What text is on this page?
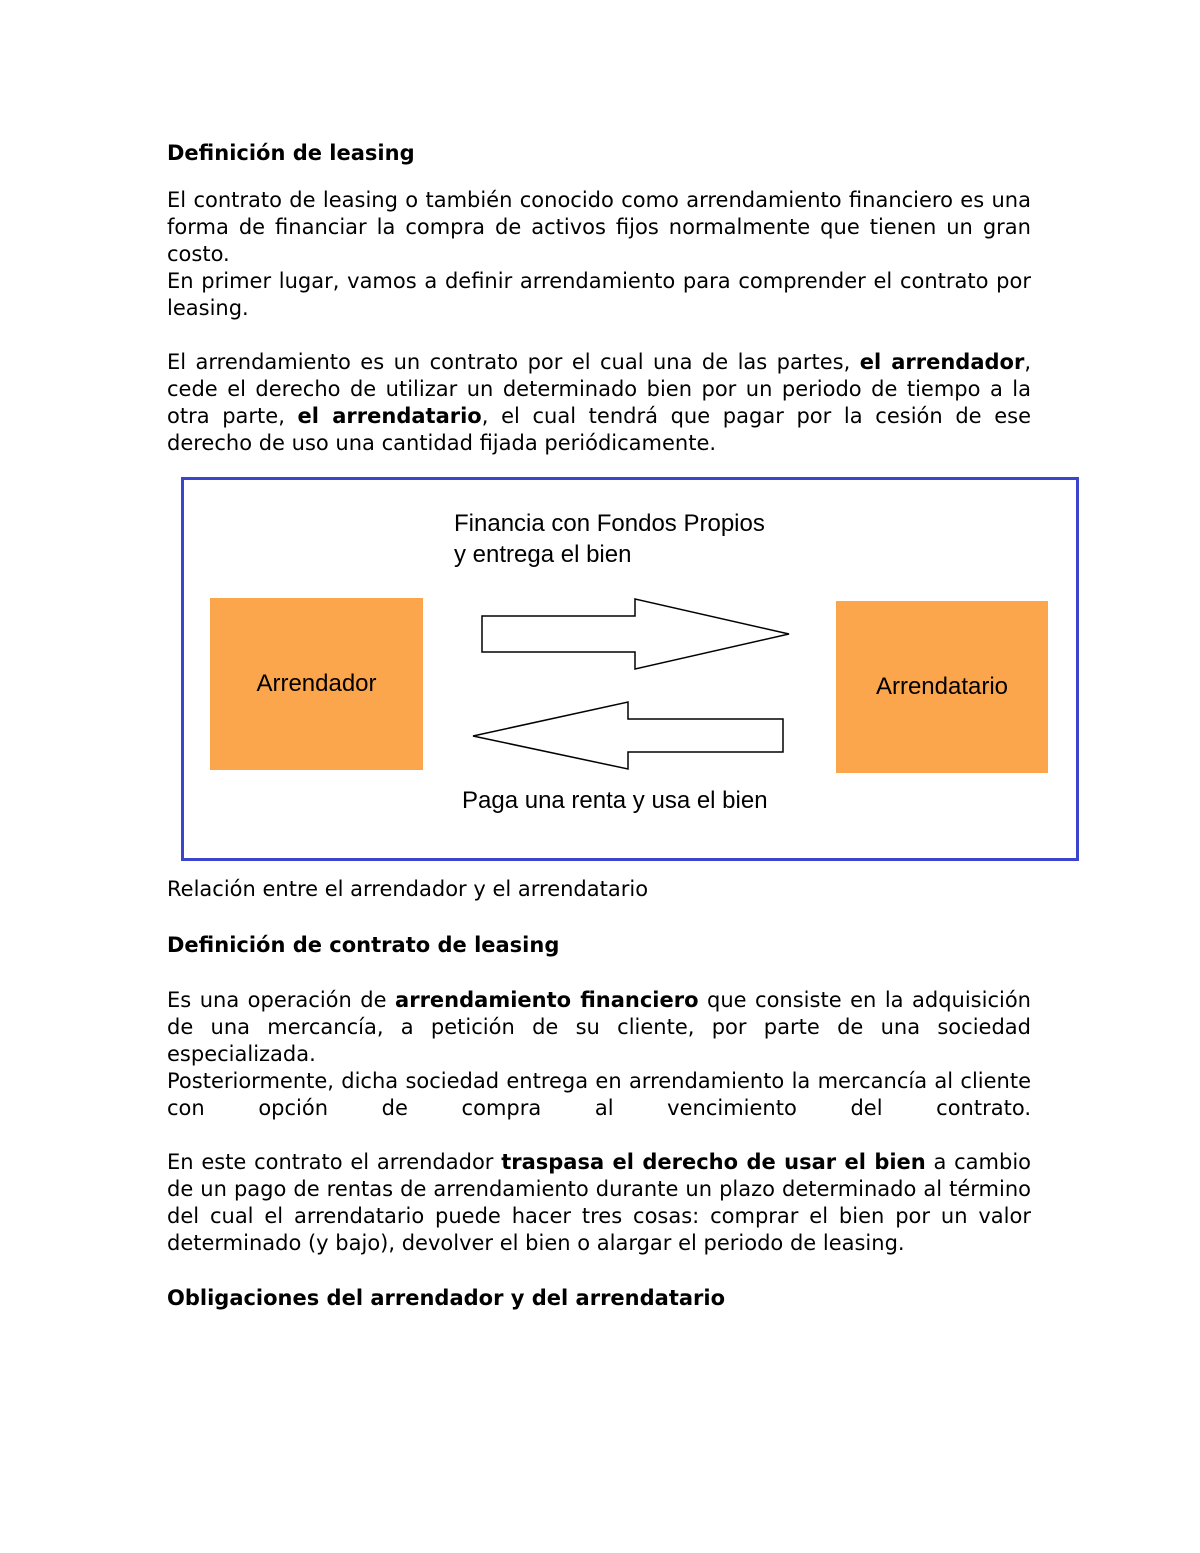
Definición de leasing

El contrato de leasing o también conocido como arrendamiento financiero es una forma de financiar la compra de activos fijos normalmente que tienen un gran costo.

En primer lugar, vamos a definir arrendamiento para comprender el contrato por leasing.

El arrendamiento es un contrato por el cual una de las partes, el arrendador, cede el derecho de utilizar un determinado bien por un periodo de tiempo a la otra parte, el arrendatario, el cual tendrá que pagar por la cesión de ese derecho de uso una cantidad fijada periódicamente.

Financia con Fondos Propios
y entrega el bien
Arrendador	Arrendatario
Paga una renta y usa el bien
Relación entre el arrendador y el arrendatario
Definición de contrato de leasing

Es una operación de arrendamiento financiero que consiste en la adquisición de una mercancía, a petición de su cliente, por parte de una sociedad especializada.

Posteriormente, dicha sociedad entrega en arrendamiento la mercancía al cliente con opción de compra al vencimiento del contrato.

En este contrato el arrendador traspasa el derecho de usar el bien a cambio de un pago de rentas de arrendamiento durante un plazo determinado al término del cual el arrendatario puede hacer tres cosas: comprar el bien por un valor determinado (y bajo), devolver el bien o alargar el periodo de leasing.

Obligaciones del arrendador y del arrendatario
